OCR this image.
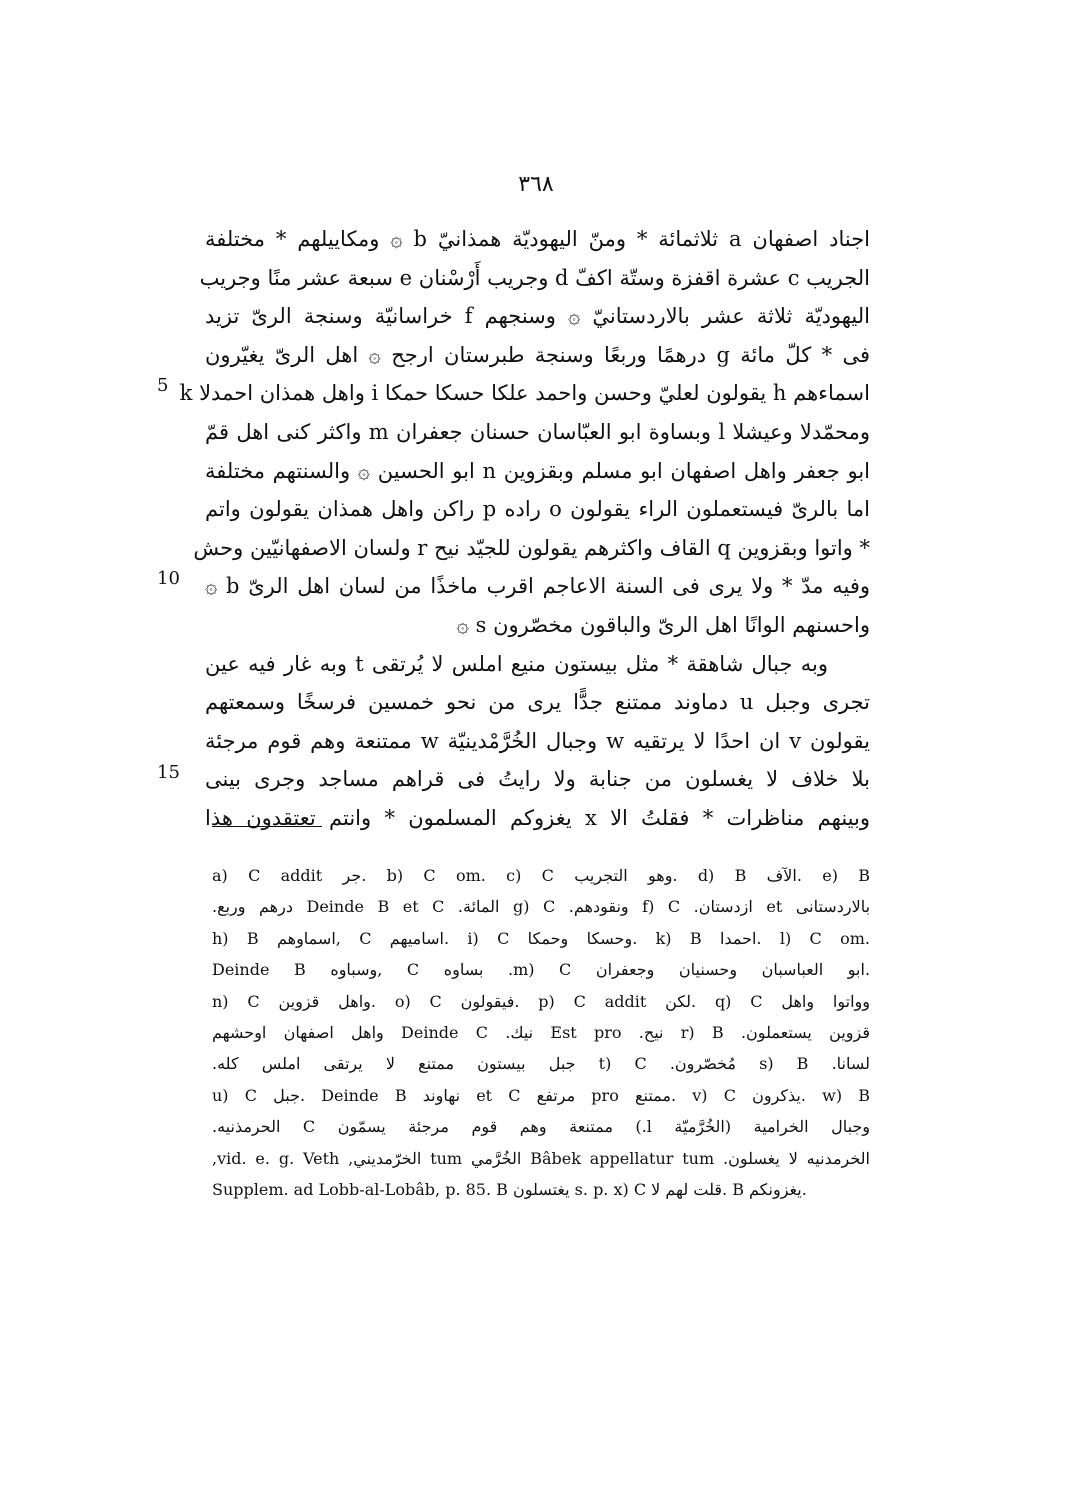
٣٦٨
اجناد اصفهان a ثلاثمائة * ومنّ اليهوديّة همذانيّ b ۞ ومكاييلهم * مختلفة
الجريب c عشرة اقفزة وستّة اكفّ d وجريب أَرْسْنان e سبعة عشر منًا وجريب
اليهوديّة ثلاثة عشر بالاردستانيّ ۞ وسنجهم f خراسانيّة وسنجة الرىّ تزيد
فى * كلّ مائة g درهمًا وربعًا وسنجة طبرستان ارجح ۞ اهل الرىّ يغيّرون
اسماءهم h يقولون لعليّ وحسن واحمد علكا حسكا حمكا i واهل همذان احمدلا k
ومحمّدلا وعيشلا l وبساوة ابو العبّاسان حسنان جعفران m واكثر كنى اهل قمّ
ابو جعفر واهل اصفهان ابو مسلم وبقزوين n ابو الحسين ۞ والسنتهم مختلفة
اما بالرىّ فيستعملون الراء يقولون o راده p راكن واهل همذان يقولون واتم
* واتوا وبقزوين q القاف واكثرهم يقولون للجيّد نيح r ولسان الاصفهانيّين وحش
وفيه مدّ * ولا يرى فى السنة الاعاجم اقرب ماخذًا من لسان اهل الرىّ b ۞
واحسنهم الوانًا اهل الرىّ والباقون مخصّرون s ۞
وبه جبال شاهقة * مثل بيستون منيع املس لا يُرتقى t وبه غار فيه عين
تجرى وجبل u دماوند ممتنع جدًّا يرى من نحو خمسين فرسخًا وسمعتهم
يقولون v ان احدًا لا يرتقيه w وجبال الخُرَّمْدينيّة w ممتنعة وهم قوم مرجئة
بلا خلاف لا يغسلون من جنابة ولا رايتُ فى قراهم مساجد وجرى بينى
وبينهم مناظرات * فقلتُ الا x يغزوكم المسلمون * وانتم تعتقدون هذا
5
10
15
a) C addit جر. b) C om. c) C وهو التجريب. d) B الآف. e) B
بالاردستانى et ازدستان. f) C ونقودهم. g) C المائة. Deinde B et C درهم وربع.
h) B اسماوهم, C اسامیهم. i) C وحسكا وحمكا. k) B احمدا. l) C om.
Deinde B وسباوه, C بساوه .m) C ابو العباسبان وحسنيان وجعفران.
n) C واهل قزوين. o) C فيقولون. p) C addit لكن. q) C وواتوا واهل
قزوين يستعملون. r) B نيح. Est pro نيك. Deinde C واهل اصفهان اوحشهم
لسانا. s) B مُخصّرون. t) C جبل بيستون ممتنع لا يرتقى املس كله.
u) C جبل. Deinde B نهاوند et C مرتفع pro ممتنع. v) C يذكرون. w) B
وجبال الخرامية (الخُرَّميّة l.) ممتنعة وهم قوم مرجئة يسمّون C الحرمذنيه.
الخرمدنيه لا يغسلون. Bâbek appellatur tum الخُرَّمي tum الخرّمديني, vid. e. g. Veth,
Supplem. ad Lobb-al-Lobâb, p. 85. B يغتسلون s. p. x) C قلت لهم لا. B يغزونكم.
